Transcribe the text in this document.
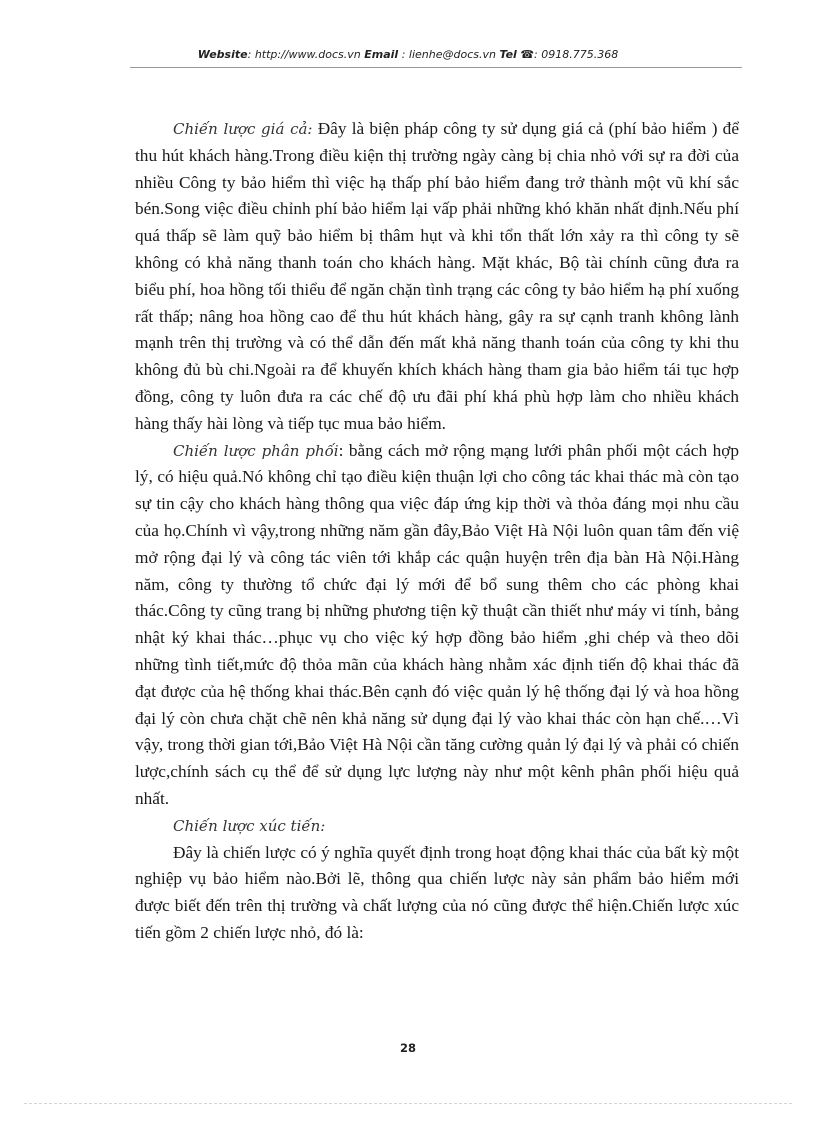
Website: http://www.docs.vn Email : lienhe@docs.vn Tel ☎: 0918.775.368

Chiến lược giá cả: Đây là biện pháp công ty sử dụng giá cả (phí bảo hiểm ) để thu hút khách hàng.Trong điều kiện thị trường ngày càng bị chia nhỏ với sự ra đời của nhiều Công ty bảo hiểm thì việc hạ thấp phí bảo hiểm đang trở thành một vũ khí sắc bén.Song việc điều chỉnh phí bảo hiểm lại vấp phải những khó khăn nhất định.Nếu phí quá thấp sẽ làm quỹ bảo hiểm bị thâm hụt và khi tổn thất lớn xảy ra thì công ty sẽ không có khả năng thanh toán cho khách hàng. Mặt khác, Bộ tài chính cũng đưa ra biểu phí, hoa hồng tối thiểu để ngăn chặn tình trạng các công ty bảo hiểm hạ phí xuống rất thấp; nâng hoa hồng cao để thu hút khách hàng, gây ra sự cạnh tranh không lành mạnh trên thị trường và có thể dẫn đến mất khả năng thanh toán của công ty khi thu không đủ bù chi.Ngoài ra để khuyến khích khách hàng tham gia bảo hiểm tái tục hợp đồng, công ty luôn đưa ra các chế độ ưu đãi phí khá phù hợp làm cho nhiều khách hàng thấy hài lòng và tiếp tục mua bảo hiểm.

Chiến lược phân phối: bằng cách mở rộng mạng lưới phân phối một cách hợp lý, có hiệu quả.Nó không chỉ tạo điều kiện thuận lợi cho công tác khai thác mà còn tạo sự tin cậy cho khách hàng thông qua việc đáp ứng kịp thời và thỏa đáng mọi nhu cầu của họ.Chính vì vậy,trong những năm gần đây,Bảo Việt Hà Nội luôn quan tâm đến việ mở rộng đại lý và công tác viên tới khắp các quận huyện trên địa bàn Hà Nội.Hàng năm, công ty thường tổ chức đại lý mới để bổ sung thêm cho các phòng khai thác.Công ty cũng trang bị những phương tiện kỹ thuật cần thiết như máy vi tính, bảng nhật ký khai thác…phục vụ cho việc ký hợp đồng bảo hiểm ,ghi chép và theo dõi những tình tiết,mức độ thỏa mãn của khách hàng nhằm xác định tiến độ khai thác đã đạt được của hệ thống khai thác.Bên cạnh đó việc quản lý hệ thống đại lý và hoa hồng đại lý còn chưa chặt chẽ nên khả năng sử dụng đại lý vào khai thác còn hạn chế.…Vì vậy, trong thời gian tới,Bảo Việt Hà Nội cần tăng cường quản lý đại lý và phải có chiến lược,chính sách cụ thể để sử dụng lực lượng này như một kênh phân phối hiệu quả nhất.

Chiến lược xúc tiến:

Đây là chiến lược có ý nghĩa quyết định trong hoạt động khai thác của bất kỳ một nghiệp vụ bảo hiểm nào.Bởi lẽ, thông qua chiến lược này sản phẩm bảo hiểm mới được biết đến trên thị trường và chất lượng của nó cũng được thể hiện.Chiến lược xúc tiến gồm 2 chiến lược nhỏ, đó là:

28
